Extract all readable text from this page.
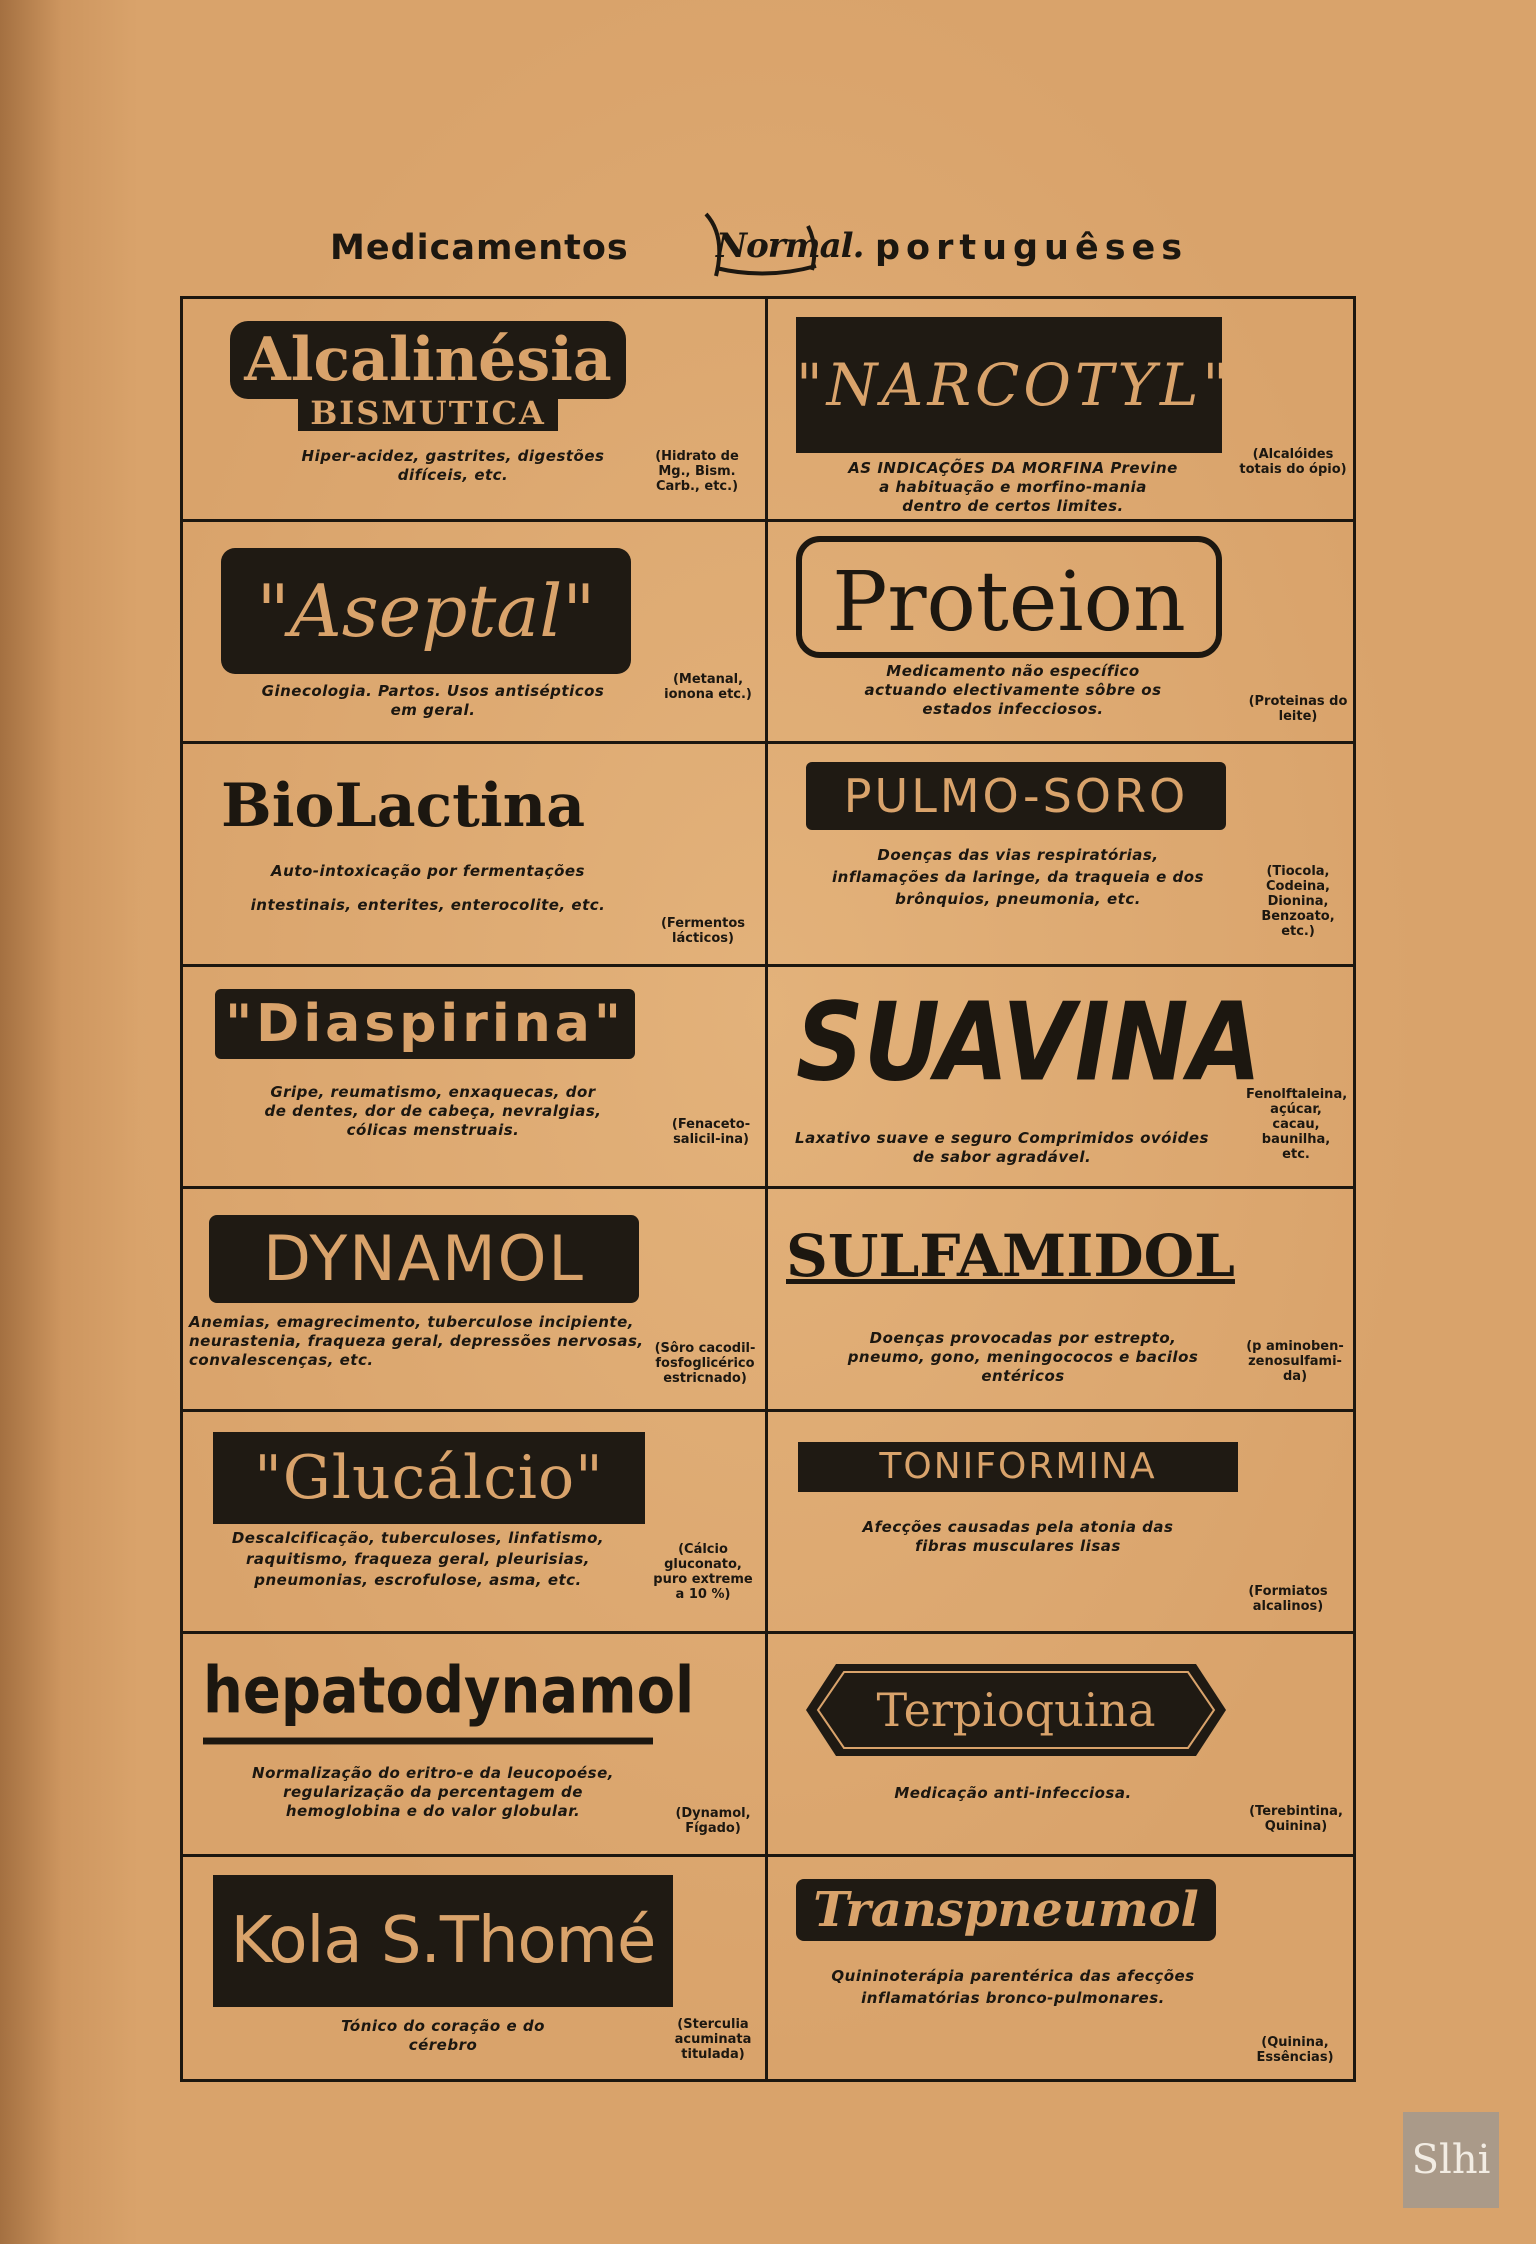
Medicamentos	Normal. portuguêses
Alcalinésia
BISMUTICA
Hiper-acidez, gastrites, digestões difíceis, etc.
(Hidrato de Mg., Bism. Carb., etc.)
"NARCOTYL"
AS INDICAÇÕES DA MORFINA Previne a habituação e morfino-mania dentro de certos limites.
(Alcalóides totais do ópio)
"Aseptal"
Ginecologia. Partos. Usos antisépticos em geral.
(Metanal, ionona etc.)
Proteion
Medicamento não específico actuando electivamente sôbre os estados infecciosos.	(Proteinas do leite)
BioLactina
Auto-intoxicação por fermentações intestinais, enterites, enterocolite, etc.
(Fermentos lácticos)
PULMO-SORO
Doenças das vias respiratórias, inflamações da laringe, da traqueia e dos brônquios, pneumonia, etc.
(Tiocola, Codeina, Dionina, Benzoato, etc.)
"Diaspirina"
Gripe, reumatismo, enxaquecas, dor de dentes, dor de cabeça, nevralgias, cólicas menstruais.	(Fenaceto-salicil-ina)
SUAVINA
Laxativo suave e seguro Comprimidos ovóides de sabor agradável.
Fenolftaleina, açúcar, cacau, baunilha, etc.
DYNAMOL
Anemias, emagrecimento, tuberculose incipiente, neurastenia, fraqueza geral, depressões nervosas, convalescenças, etc.
(Sôro cacodil-fosfoglicérico estricnado)
SULFAMIDOL
Doenças provocadas por estrepto, pneumo, gono, meningococos e bacilos entéricos
(p aminoben-zenosulfami-da)
"Glucálcio"
Descalcificação, tuberculoses, linfatismo, raquitismo, fraqueza geral, pleurisias, pneumonias, escrofulose, asma, etc.
(Cálcio gluconato, puro extreme a 10 %)
TONIFORMINA
Afecções causadas pela atonia das fibras musculares lisas
(Formiatos alcalinos)
hepatodynamol
Normalização do eritro-e da leucopoése, regularização da percentagem de hemoglobina e do valor globular.	(Dynamol, Fígado)
Terpioquina
Medicação anti-infecciosa.
(Terebintina, Quinina)
Kola S.Thomé
Tónico do coração e do cérebro
(Sterculia acuminata titulada)
Transpneumol
Quininoterápia parentérica das afecções inflamatórias bronco-pulmonares.
(Quinina, Essências)
Slhi
